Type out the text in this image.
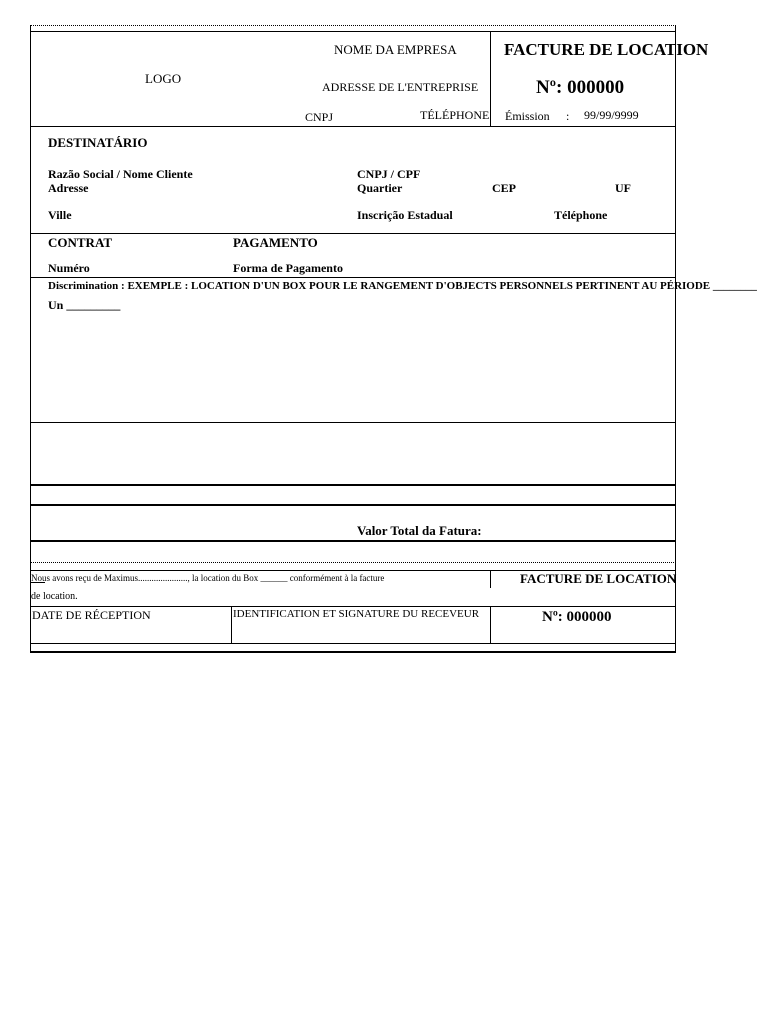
LOGO
NOME DA EMPRESA
ADRESSE DE L'ENTREPRISE
CNPJ	TÉLÉPHONE
FACTURE DE LOCATION
Nº: 000000
Émission : 99/99/9999
DESTINATÁRIO
Razão Social / Nome Cliente	CNPJ / CPF
Adresse	Quartier	CEP	UF
Ville	Inscrição Estadual	Téléphone
CONTRAT	PAGAMENTO
Numéro	Forma de Pagamento
Discrimination : EXEMPLE : LOCATION D'UN BOX POUR LE RANGEMENT D'OBJECTS PERSONNELS PERTINENT AU PÉRIODE ________
Un _________
Valor Total da Fatura:
Nous avons reçu de Maximus......................, la location du Box ______ conformément à la facture
de location.
FACTURE DE LOCATION
DATE DE RÉCEPTION	IDENTIFICATION ET SIGNATURE DU RECEVEUR	Nº: 000000
